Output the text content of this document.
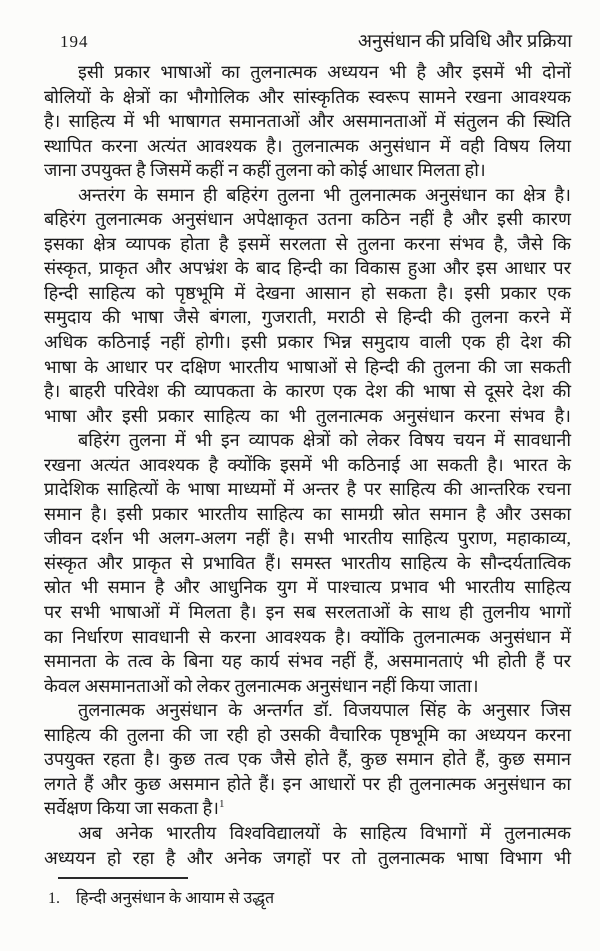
194	अनुसंधान की प्रविधि और प्रक्रिया
इसी प्रकार भाषाओं का तुलनात्मक अध्ययन भी है और इसमें भी दोनों
बोलियों के क्षेत्रों का भौगोलिक और सांस्कृतिक स्वरूप सामने रखना आवश्यक
है। साहित्य में भी भाषागत समानताओं और असमानताओं में संतुलन की स्थिति
स्थापित करना अत्यंत आवश्यक है। तुलनात्मक अनुसंधान में वही विषय लिया
जाना उपयुक्त है जिसमें कहीं न कहीं तुलना को कोई आधार मिलता हो।
अन्तरंग के समान ही बहिरंग तुलना भी तुलनात्मक अनुसंधान का क्षेत्र है।
बहिरंग तुलनात्मक अनुसंधान अपेक्षाकृत उतना कठिन नहीं है और इसी कारण
इसका क्षेत्र व्यापक होता है इसमें सरलता से तुलना करना संभव है, जैसे कि
संस्कृत, प्राकृत और अपभ्रंश के बाद हिन्दी का विकास हुआ और इस आधार पर
हिन्दी साहित्य को पृष्ठभूमि में देखना आसान हो सकता है। इसी प्रकार एक
समुदाय की भाषा जैसे बंगला, गुजराती, मराठी से हिन्दी की तुलना करने में
अधिक कठिनाई नहीं होगी। इसी प्रकार भिन्न समुदाय वाली एक ही देश की
भाषा के आधार पर दक्षिण भारतीय भाषाओं से हिन्दी की तुलना की जा सकती
है। बाहरी परिवेश की व्यापकता के कारण एक देश की भाषा से दूसरे देश की
भाषा और इसी प्रकार साहित्य का भी तुलनात्मक अनुसंधान करना संभव है।
बहिरंग तुलना में भी इन व्यापक क्षेत्रों को लेकर विषय चयन में सावधानी
रखना अत्यंत आवश्यक है क्योंकि इसमें भी कठिनाई आ सकती है। भारत के
प्रादेशिक साहित्यों के भाषा माध्यमों में अन्तर है पर साहित्य की आन्तरिक रचना
समान है। इसी प्रकार भारतीय साहित्य का सामग्री स्रोत समान है और उसका
जीवन दर्शन भी अलग-अलग नहीं है। सभी भारतीय साहित्य पुराण, महाकाव्य,
संस्कृत और प्राकृत से प्रभावित हैं। समस्त भारतीय साहित्य के सौन्दर्यतात्विक
स्रोत भी समान है और आधुनिक युग में पाश्चात्य प्रभाव भी भारतीय साहित्य
पर सभी भाषाओं में मिलता है। इन सब सरलताओं के साथ ही तुलनीय भागों
का निर्धारण सावधानी से करना आवश्यक है। क्योंकि तुलनात्मक अनुसंधान में
समानता के तत्व के बिना यह कार्य संभव नहीं हैं, असमानताएं भी होती हैं पर
केवल असमानताओं को लेकर तुलनात्मक अनुसंधान नहीं किया जाता।
तुलनात्मक अनुसंधान के अन्तर्गत डॉ. विजयपाल सिंह के अनुसार जिस
साहित्य की तुलना की जा रही हो उसकी वैचारिक पृष्ठभूमि का अध्ययन करना
उपयुक्त रहता है। कुछ तत्व एक जैसे होते हैं, कुछ समान होते हैं, कुछ समान
लगते हैं और कुछ असमान होते हैं। इन आधारों पर ही तुलनात्मक अनुसंधान का
सर्वेक्षण किया जा सकता है।$^1$
अब अनेक भारतीय विश्वविद्यालयों के साहित्य विभागों में तुलनात्मक
अध्ययन हो रहा है और अनेक जगहों पर तो तुलनात्मक भाषा विभाग भी
1. हिन्दी अनुसंधान के आयाम से उद्धृत
